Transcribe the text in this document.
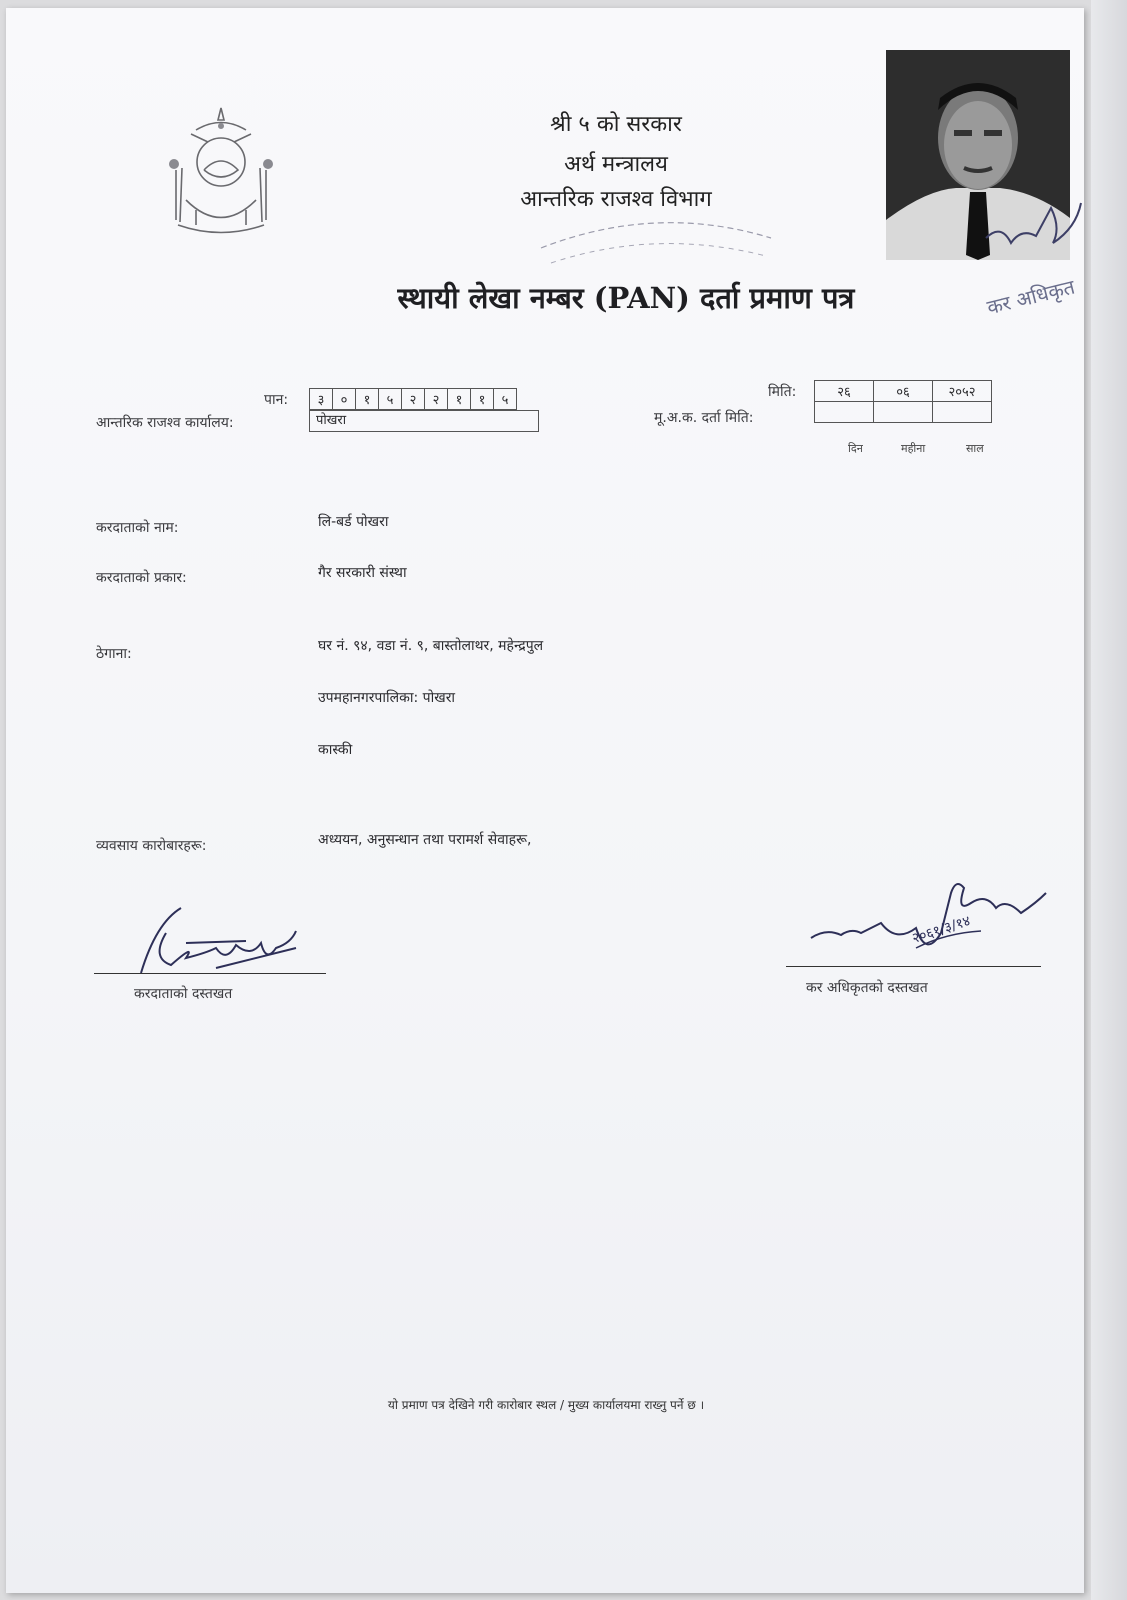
श्री ५ को सरकार
अर्थ मन्त्रालय
आन्तरिक राजश्व विभाग
स्थायी लेखा नम्बर (PAN) दर्ता प्रमाण पत्र	कर अधिकृत
पान: ३	०	१	५	२	२	१	१	५
आन्तरिक राजश्व कार्यालय:	पोखरा
मिति:
मू.अ.क. दर्ता मिति:
२६	०६	२०५२

दिन	महीना	साल
करदाताको नाम:	लि-बर्ड पोखरा
करदाताको प्रकार:	गैर सरकारी संस्था
ठेगाना:	घर नं. ९४, वडा नं. ९, बास्तोलाथर, महेन्द्रपुल
उपमहानगरपालिका: पोखरा
कास्की
व्यवसाय कारोबारहरू:	अध्ययन, अनुसन्धान तथा परामर्श सेवाहरू,
करदाताको दस्तखत
२०६१/३/१४
कर अधिकृतको दस्तखत
यो प्रमाण पत्र देखिने गरी कारोबार स्थल / मुख्य कार्यालयमा राख्नु पर्ने छ ।
